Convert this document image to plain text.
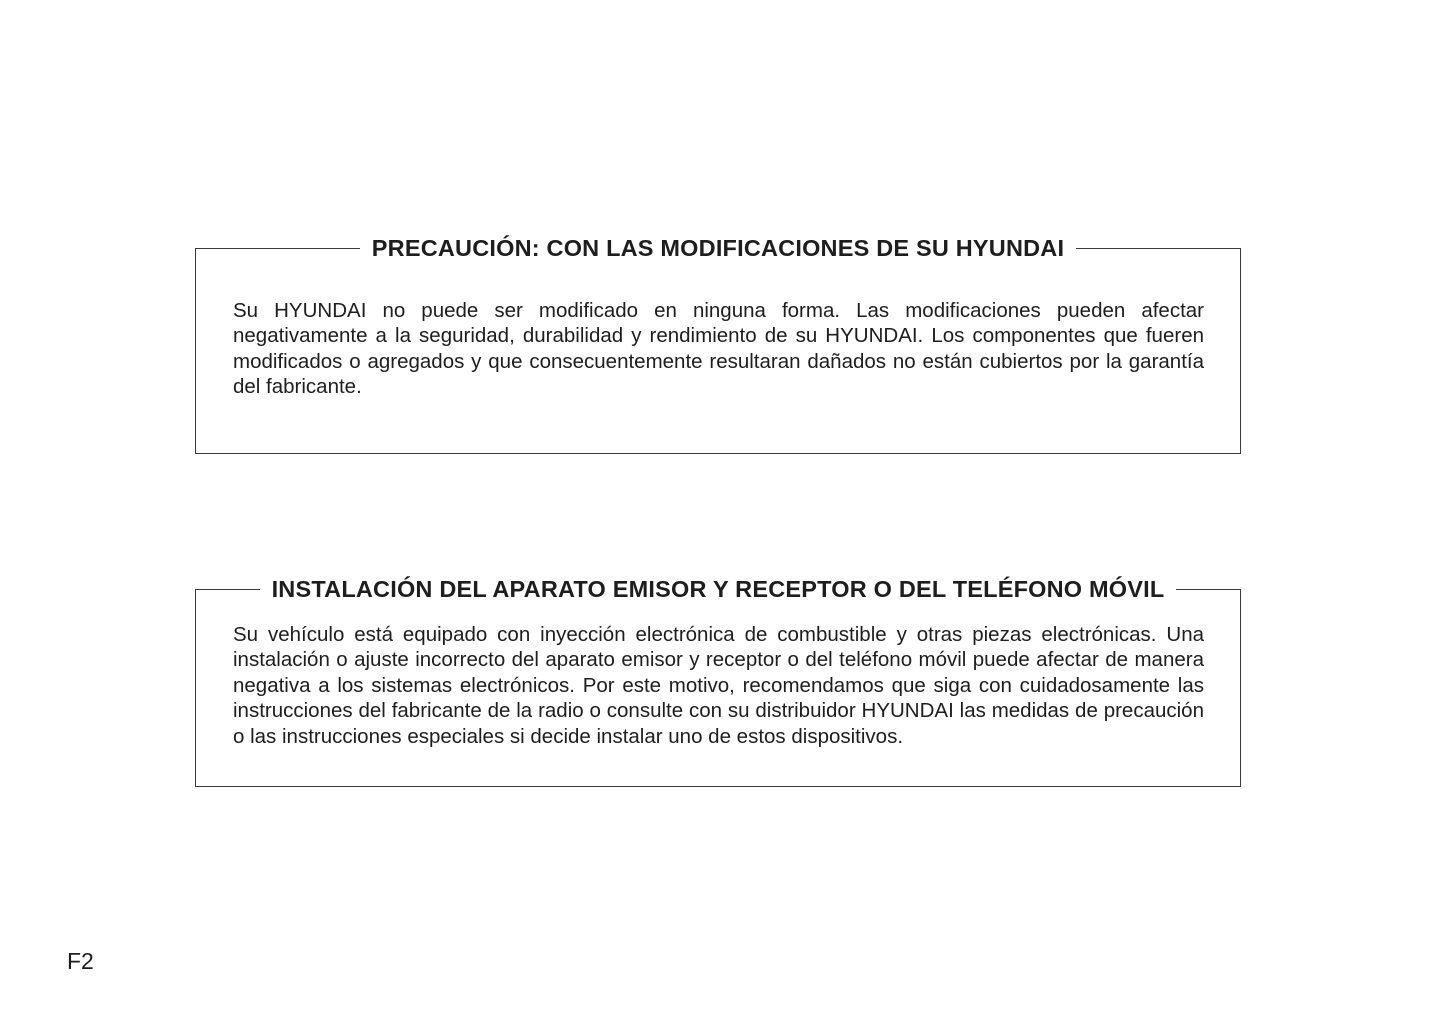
PRECAUCIÓN: CON LAS MODIFICACIONES DE SU HYUNDAI

Su HYUNDAI no puede ser modificado en ninguna forma. Las modificaciones pueden afectar negativamente a la seguridad, durabilidad y rendimiento de su HYUNDAI. Los componentes que fueren modificados o agregados y que consecuentemente resultaran dañados no están cubiertos por la garantía del fabricante.

INSTALACIÓN DEL APARATO EMISOR Y RECEPTOR O DEL TELÉFONO MÓVIL

Su vehículo está equipado con inyección electrónica de combustible y otras piezas electrónicas. Una instalación o ajuste incorrecto del aparato emisor y receptor o del teléfono móvil puede afectar de manera negativa a los sistemas electrónicos. Por este motivo, recomendamos que siga con cuidadosamente las instrucciones del fabricante de la radio o consulte con su distribuidor HYUNDAI las medidas de precaución o las instrucciones especiales si decide instalar uno de estos dispositivos.

F2
